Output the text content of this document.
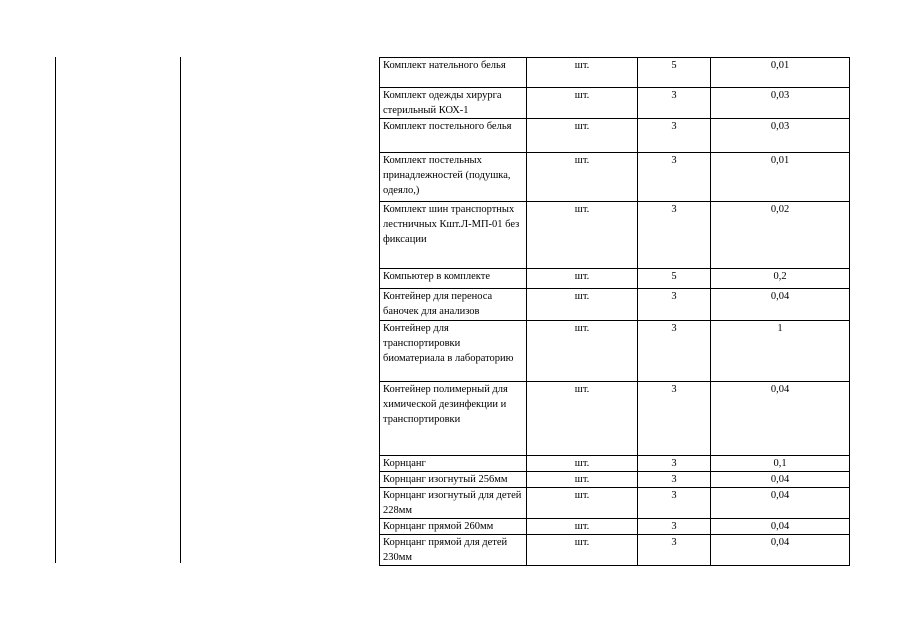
Комплект нательного белья	шт.	5	0,01
Комплект одежды хирурга стерильный КОХ-1	шт.	3	0,03
Комплект постельного белья	шт.	3	0,03
Комплект постельных принадлежностей (подушка, одеяло,)	шт.	3	0,01
Комплект шин транспортных лестничных Кшт.Л-МП-01 без фиксации	шт.	3	0,02
Компьютер в комплекте	шт.	5	0,2
Контейнер для переноса баночек для анализов	шт.	3	0,04
Контейнер для транспортировки биоматериала в лабораторию	шт.	3	1
Контейнер полимерный для химической дезинфекции и транспортировки	шт.	3	0,04
Корнцанг	шт.	3	0,1
Корнцанг изогнутый 256мм	шт.	3	0,04
Корнцанг изогнутый для детей 228мм	шт.	3	0,04
Корнцанг прямой 260мм	шт.	3	0,04
Корнцанг прямой для детей 230мм	шт.	3	0,04
